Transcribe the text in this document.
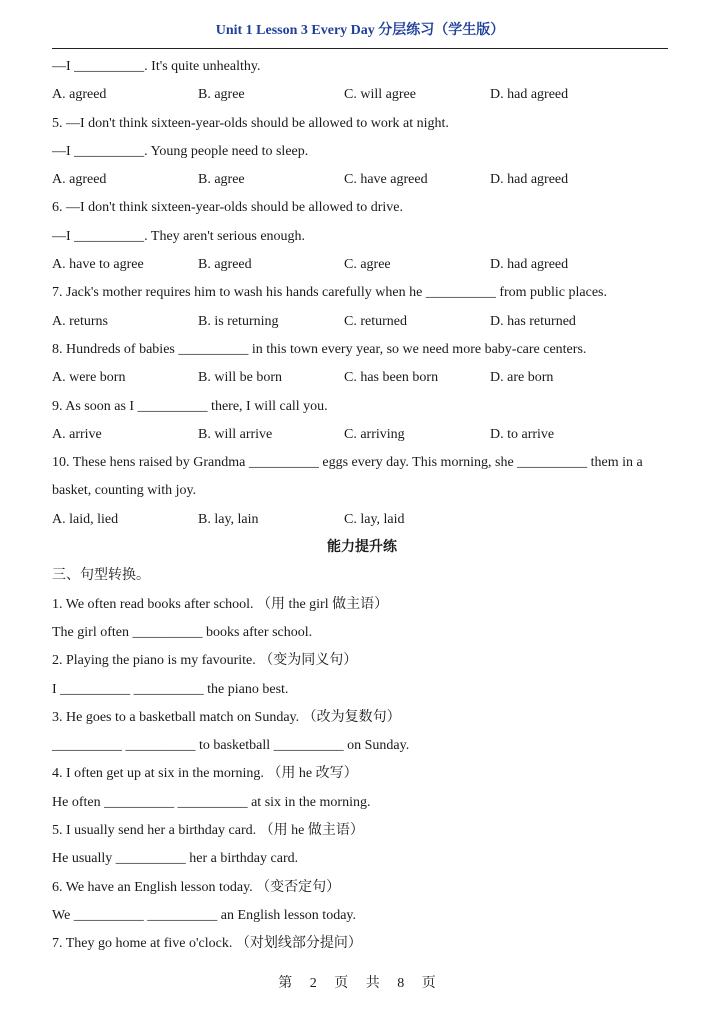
Unit 1 Lesson 3 Every Day 分层练习（学生版）
—I __________. It's quite unhealthy.
A. agreed	B. agree	C. will agree	D. had agreed
5. —I don't think sixteen-year-olds should be allowed to work at night.
—I __________. Young people need to sleep.
A. agreed	B. agree	C. have agreed	D. had agreed
6. —I don't think sixteen-year-olds should be allowed to drive.
—I __________. They aren't serious enough.
A. have to agree	B. agreed	C. agree	D. had agreed
7. Jack's mother requires him to wash his hands carefully when he __________ from public places.
A. returns	B. is returning	C. returned	D. has returned
8. Hundreds of babies __________ in this town every year, so we need more baby-care centers.
A. were born	B. will be born	C. has been born	D. are born
9. As soon as I __________ there, I will call you.
A. arrive	B. will arrive	C. arriving	D. to arrive
10. These hens raised by Grandma __________ eggs every day. This morning, she __________ them in a
basket, counting with joy.
A. laid, lied	B. lay, lain	C. lay, laid
能力提升练
三、句型转换。
1. We often read books after school. （用 the girl 做主语）
The girl often __________ books after school.
2. Playing the piano is my favourite. （变为同义句）
I __________ __________ the piano best.
3. He goes to a basketball match on Sunday. （改为复数句）
__________ __________ to basketball __________ on Sunday.
4. I often get up at six in the morning. （用 he 改写）
He often __________ __________ at six in the morning.
5. I usually send her a birthday card. （用 he 做主语）
He usually __________ her a birthday card.
6. We have an English lesson today. （变否定句）
We __________ __________ an English lesson today.
7. They go home at five o'clock. （对划线部分提问）
第 2 页 共 8 页
